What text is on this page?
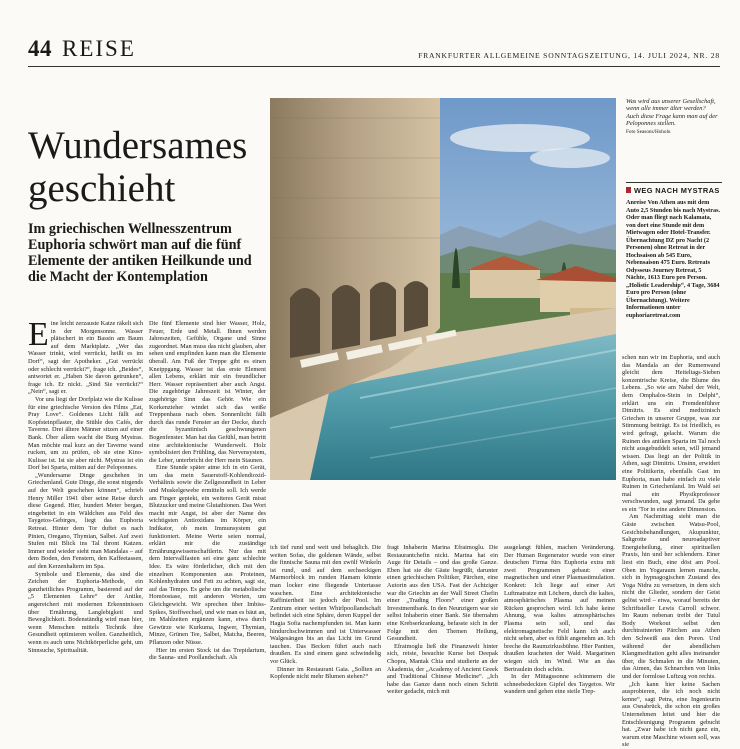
44 REISE	FRANKFURTER ALLGEMEINE SONNTAGSZEITUNG, 14. JULI 2024, NR. 28
Wundersames geschieht
Im griechischen Wellnesszentrum Euphoria schwört man auf die fünf Elemente der antiken Heilkunde und die Macht der Kontemplation
Was wird aus unserer Gesellschaft, wenn alle immer älter werden? Auch diese Frage kann man auf der Peloponnes stellen.
Foto Seasons/Hoholu
WEG NACH MYSTRAS
Anreise Von Athen aus mit dem Auto 2,5 Stunden bis nach Mystras. Oder man fliegt nach Kalamata, von dort eine Stunde mit dem Mietwagen oder Hotel-Transfer. Übernachtung DZ pro Nacht (2 Personen) ohne Retreat in der Hochsaison ab 545 Euro, Nebensaison 475 Euro. Retreats Odysseus Journey Retreat, 5 Nächte, 1613 Euro pro Person. „Holistic Leadership“, 4 Tage, 3684 Euro pro Person (ohne Übernachtung). Weitere Informationen unter euphoriaretreat.com

Eine leicht zerzauste Katze räkelt sich in der Morgensonne. Wasser plätschert in ein Bassin am Baum auf dem Marktplatz. „Wer das Wasser trinkt, wird verrückt, heißt es im Dorf“, sagt der Apotheker. „Gut verrückt oder schlecht verrückt?“, frage ich. „Beides“, antwortet er. „Haben Sie davon getrunken“, frage ich. Er nickt. „Sind Sie verrückt?“ „Nein“, sagt er.

Vor uns liegt der Dorfplatz wie die Kulisse für eine griechische Version des Films „Eat, Pray Love“. Goldenes Licht fällt auf Kopfsteinpflaster, die Stühle des Cafés, der Taverne. Drei ältere Männer sitzen auf einer Bank. Über allem wacht die Burg Mystras. Man möchte mal kurz an der Taverne wand rucken, um zu prüfen, ob sie eine Kino-Kulisse ist. Ist sie aber nicht. Mystras ist ein Dorf bei Sparta, mitten auf der Peloponnes.

„Wundersame Dinge geschehen in Griechenland. Gute Dinge, die sonst nirgends auf der Welt geschehen können“, schrieb Henry Miller 1941 über seine Reise durch diese Gegend. Hier, hundert Meter bergan, eingebettet in ein Wäldchen aus Feld des Taygetos-Gebirges, liegt das Euphoria Retreat. Hinter dem Tor duftet es nach Pinien, Oregano, Thymian, Salbei. Auf zwei Stufen mit Blick ins Tal thront Katzen. Immer und wieder sieht man Mandalas – auf dem Boden, den Fenstern, den Kaffeetassen, auf den Kerzenhaltern im Spa.

Symbole und Elemente, das sind die Zeichen der Euphoria-Methode, ein ganzheitliches Programm, basierend auf der „5 Elementen Lehre“ der Antike, angereichert mit modernen Erkenntnissen über Ernährung, Langlebigkeit und Beweglichkeit. Bodenständig wird man hier, wenn Menschen mittels Technik ihre Gesundheit optimieren wollen. Ganzheitlich, wenn es auch ums Nichtkörperliche geht, um Sinnsuche, Spiritualität.

Die fünf Elemente sind hier Wasser, Holz, Feuer, Erde und Metall. Ihnen werden Jahreszeiten, Gefühle, Organe und Sinne zugeordnet. Man muss das nicht glauben, aber sehen und empfinden kann man die Elemente überall. Am Fuß der Treppe gibt es einen Kneippgang. Wasser ist das erste Element allen Lebens, erklärt mir ein freundlicher Herr. Wasser repräsentiert aber auch Angst. Die zugehörige Jahreszeit ist Winter, der zugehörige Sinn das Gehör. Wie ein Korkenzieher windet sich das weiße Treppenhaus nach oben. Sonnenlicht fällt durch das runde Fenster an der Decke, durch die byzantinisch geschwungenen Bogenfenster. Man hat das Gefühl, man betritt eine architektonische Wunderwelt. Holz symbolisiert den Frühling, das Nervensystem, die Leber, unterbricht der Herr mein Staunen.

Eine Stunde später atme ich in ein Gerät, um das mein Sauerstoff-Kohlendioxid-Verhältnis sowie die Zellgesundheit in Leber und Muskelgewebe ermitteln soll. Ich werde am Finger gepiekt, ein weiteres Gerät misst Blutzucker und meine Glutathionen. Das Wort macht mir Angst, ist aber der Name des wichtigsten Antioxidans im Körper, ein Indikator, ob mein Immunsystem gut funktioniert. Meine Werte seien normal, erklärt mir die zuständige Ernährungswissenschaftlerin. Nur das mit dem Intervallfasten sei eine ganz schlechte Idee. Es wäre förderlicher, dich mit den einzelnen Komponenten aus Proteinen, Kohlenhydraten und Fett zu achten, sagt sie, auf das Tempo. Es gehe um die metabolische Homöostase, mit anderen Worten, um Gleichgewicht. Wir sprechen über Imbiss-Spikes, Stoffwechsel, und wie man es bäut an, im Mahlzeiten ergänzen kann, etwa durch Gewürze wie Kurkuma, Ingwer, Thymian, Minze, Grünen Tee, Salbei, Matcha, Beeren, Pflanzen oder Nüsse.

Hier im ersten Stock ist das Trepidarium, die Sauna- und Poollandschaft. Als

ich tief rund und weit und behaglich. Die weiten Sofas, die goldenen Wände, selbst die finnische Sauna mit den zwölf Winkeln ist rund, und auf dem sechseckigen Marmorblock im runden Hamam könnte man locker eine fliegende Untertasse waschen. Eine architektonische Raffiniertheit ist jedoch der Pool. Im Zentrum einer weiten Whirlpoollandschaft befindet sich eine Sphäre, deren Kuppel der Hagia Sofia nachempfunden ist. Man kann hindurchschwimmen und ist Unterwasser Walgesängen bis an das Licht im Grund tauchen. Das Becken führt auch nach draußen. Es sind einem ganz schwindelig vor Glück.

Dinner im Restaurant Gaia. „Sollten an Kopfende nicht mehr Blumen stehen?“

fragt Inhaberin Marina Efraimoglu. Die Restaurantchefin nickt. Marina hat ein Auge für Details – und das große Ganze. Eben hat sie die Gäste begrüßt, darunter einen griechischen Politiker, Pärchen, eine Autorin aus den USA. Fast der Achtziger war die Griechin an der Wall Street Chefin einer „Trading Floors“ einer großen Investmentbank. In den Neunzigern war sie selbst Inhaberin einer Bank. Sie übernahm eine Krebserkrankung, befasste sich in der Folge mit den Themen Heilung, Gesundheit.

Efraimoglu ließ die Finanzwelt hinter sich, reiste, besuchte Kurse bei Deepak Chopra, Mantak Chia und studierte an der Akademia, der „Academy of Ancient Greek and Traditional Chinese Medicine“. „Ich habe das Ganze dann noch einen Schritt weiter gedacht, mich mit

ausgelangt fühlen, machen Veränderung. Der Human Regenerator wurde von einer deutschen Firma fürs Euphoria extra mit zwei Programmen gebaut: einer magnetischen und einer Plasmastimulation. Konkret: Ich liege auf einer Art Luftmatratze mit Löchern, durch die kaltes, atmosphärisches Plasma auf meinen Rücken gesprochen wird. Ich habe keine Ahnung, was kaltes atmosphärisches Plasma sein soll, und das elektromagnetische Feld kann ich auch nicht sehen, aber es fühlt angenehm an. Ich breche die Raumzirkusbühne. Hier Pantten, draußen kracheten der Wald. Margarinen wiegen sich im Wind. Wie an das Bertraulein doch schön.

In der Mittagssonne schimmern die schneebedeckten Gipfel des Taygetos. Wir wandern und gehen eine steile Trep-

schen nun wir im Euphoria, und auch das Mandala an der Rumenwand gleicht dem Heiteltags-Sieben konzentrische Kreise, die Blume des Lebens. „So wie am Nabel der Welt, dem Omphalos-Stein in Delphi“, erklärt uns ein Fremdenführer Dimitris. Es sind medizinisch Griechen in unserer Gruppe, was zur Stimmung beiträgt. Es ist friedlich, es wird gefragt, gelacht. Warum die Ruinen des antiken Sparta im Tal noch nicht ausgebuddelt seien, will jemand wissen. Das liegt an der Politik in Athen, sagt Dimitris. Unsinn, erwidert eine Politikerin, ebenfalls Gast im Euphoria, man habe einfach zu viele Ruinen in Griechenland. Im Wald sei mal ein Physikprofessor verschwunden, sagt jemand. Da gehe es ein ‘Tor in eine andere Dimension.

Am Nachmittag sieht man die Gäste zwischen Watsu-Pool, Gesichtsbehandlungen, Akupunktur, Saltgrotte und neuroadaptiver Energieheilung, einer spirituellen Praxis, hin und her schlendern. Einer liest ein Buch, eine döst am Pool. Oben im Yogaraum lernen manche, sich in hypnagogischen Zustand des Yoga Nidra zu versetzen, in dem sich nicht die Glieder, sondern der Geist gelöst wird – etwa, worauf bereits der Schriftsteller Lewis Carroll schwor. Im Raum nebenan treibt der Tutul Body Workout selbst den durchtrainierten Pärchen aus Athen den Schweiß aus den Poren. Und während der abendlichen Klangmeditation geht alles ineinander über, die Schmalen in die Minuten, das Atmen, das Schnarchen von links und der formlose Luftzug von rechts.

„Ich kann hier keine Sachen ausprobieren, die ich noch nicht kenne“, sagt Petra, eine Ingenieurin aus Osnabrück, die schon ein großes Unternehmen leitet und hier die Entschleunigung Programm gebucht hat. „Zwar habe ich nicht ganz ein, warum eine Maschine wissen soll, was sie
